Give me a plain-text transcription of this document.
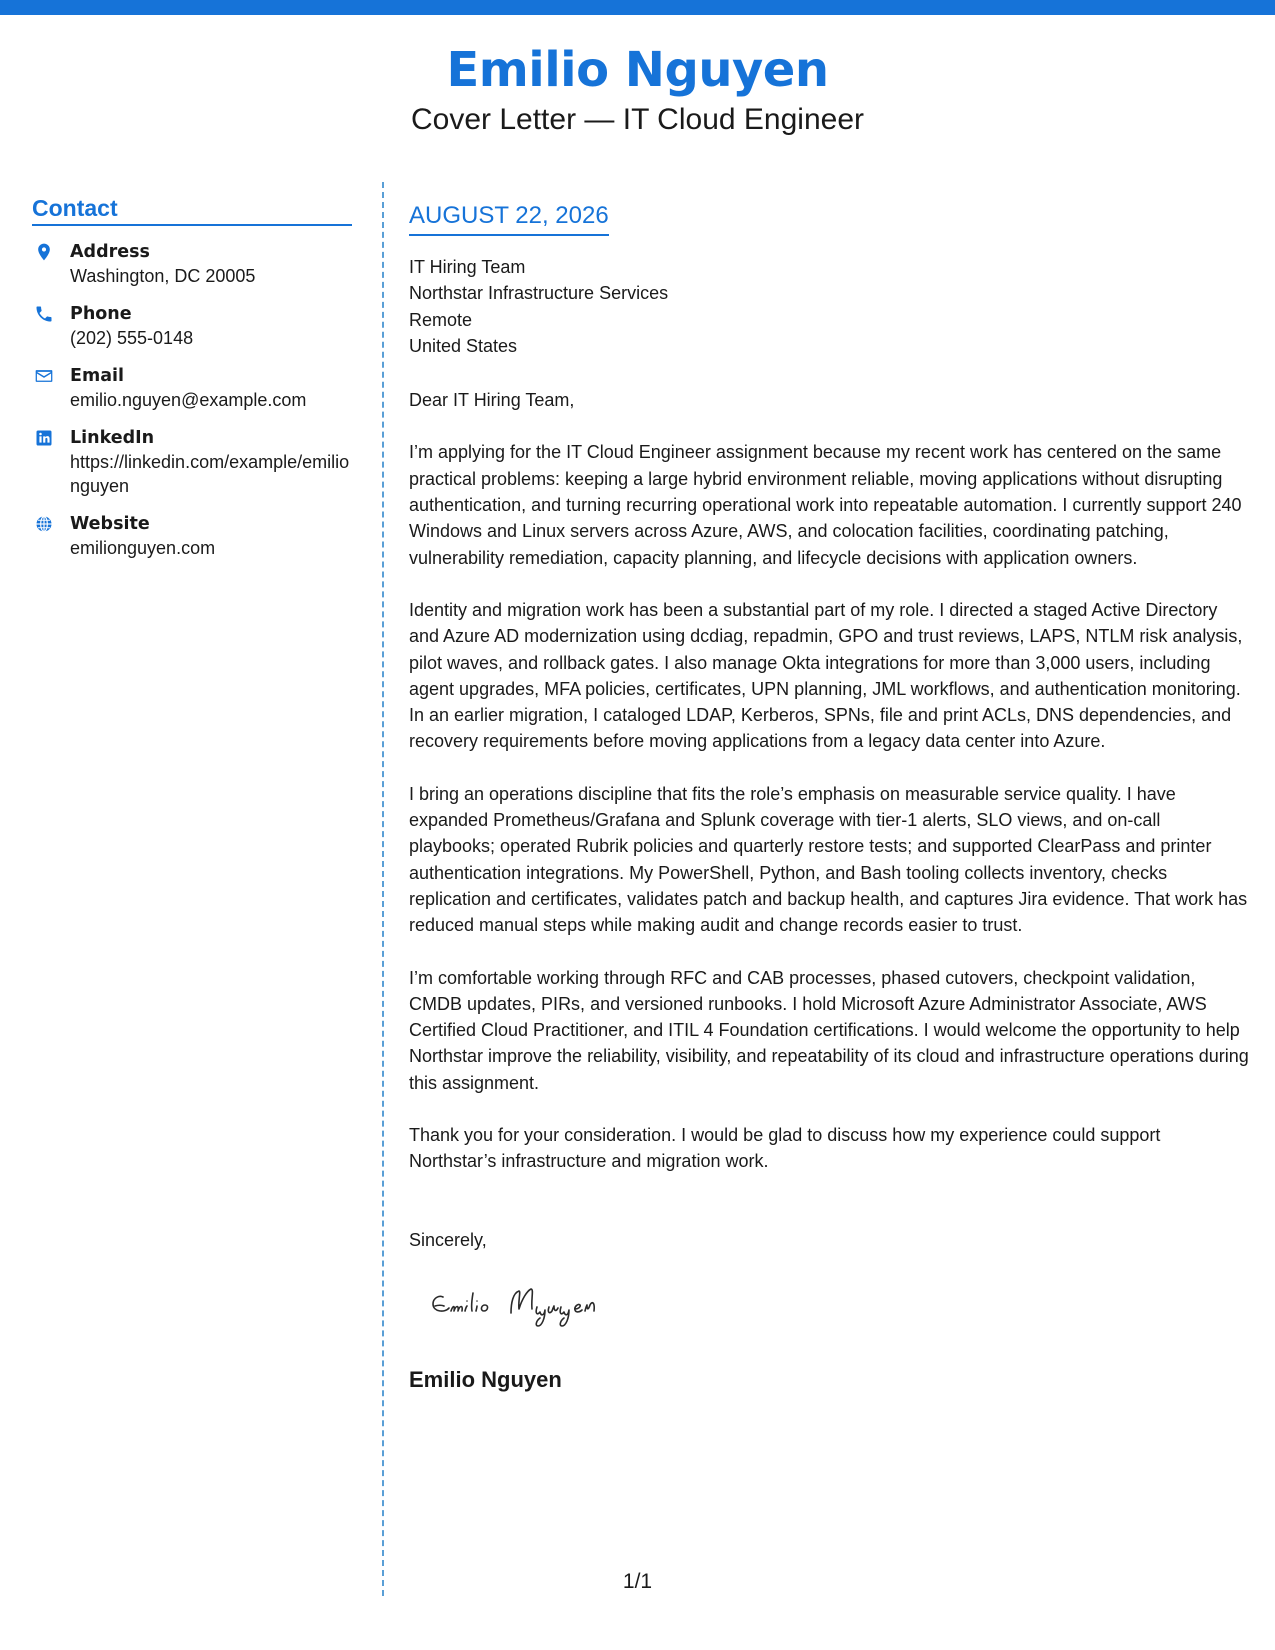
Emilio Nguyen
Cover Letter — IT Cloud Engineer
Contact
Address
Washington, DC 20005
Phone
(202) 555-0148
Email
emilio.nguyen@example.com
LinkedIn
https://linkedin.com/example/emilionguyen
Website
emilionguyen.com
AUGUST 22, 2026
IT Hiring Team
Northstar Infrastructure Services
Remote
United States
Dear IT Hiring Team,

I’m applying for the IT Cloud Engineer assignment because my recent work has centered on the same practical problems: keeping a large hybrid environment reliable, moving applications without disrupting authentication, and turning recurring operational work into repeatable automation. I currently support 240 Windows and Linux servers across Azure, AWS, and colocation facilities, coordinating patching, vulnerability remediation, capacity planning, and lifecycle decisions with application owners.

Identity and migration work has been a substantial part of my role. I directed a staged Active Directory and Azure AD modernization using dcdiag, repadmin, GPO and trust reviews, LAPS, NTLM risk analysis, pilot waves, and rollback gates. I also manage Okta integrations for more than 3,000 users, including agent upgrades, MFA policies, certificates, UPN planning, JML workflows, and authentication monitoring. In an earlier migration, I cataloged LDAP, Kerberos, SPNs, file and print ACLs, DNS dependencies, and recovery requirements before moving applications from a legacy data center into Azure.

I bring an operations discipline that fits the role’s emphasis on measurable service quality. I have expanded Prometheus/Grafana and Splunk coverage with tier-1 alerts, SLO views, and on-call playbooks; operated Rubrik policies and quarterly restore tests; and supported ClearPass and printer authentication integrations. My PowerShell, Python, and Bash tooling collects inventory, checks replication and certificates, validates patch and backup health, and captures Jira evidence. That work has reduced manual steps while making audit and change records easier to trust.

I’m comfortable working through RFC and CAB processes, phased cutovers, checkpoint validation, CMDB updates, PIRs, and versioned runbooks. I hold Microsoft Azure Administrator Associate, AWS Certified Cloud Practitioner, and ITIL 4 Foundation certifications. I would welcome the opportunity to help Northstar improve the reliability, visibility, and repeatability of its cloud and infrastructure operations during this assignment.

Thank you for your consideration. I would be glad to discuss how my experience could support Northstar’s infrastructure and migration work.

Sincerely,
Emilio Nguyen
1/1
